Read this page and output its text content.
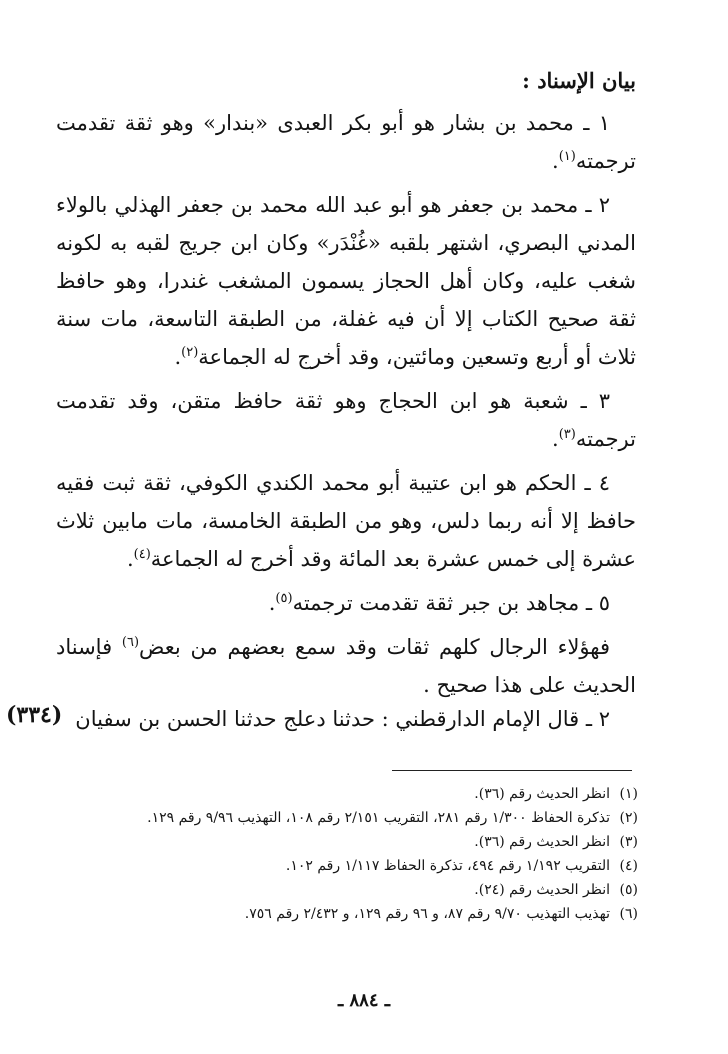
بيان الإسناد :

١ ـ محمد بن بشار هو أبو بكر العبدى «بندار» وهو ثقة تقدمت ترجمته$^{(١)}$.

٢ ـ محمد بن جعفر هو أبو عبد الله محمد بن جعفر الهذلي بالولاء المدني البصري، اشتهر بلقبه «غُنْدَر» وكان ابن جريج لقبه به لكونه شغب عليه، وكان أهل الحجاز يسمون المشغب غندرا، وهو حافظ ثقة صحيح الكتاب إلا أن فيه غفلة، من الطبقة التاسعة، مات سنة ثلاث أو أربع وتسعين ومائتين، وقد أخرج له الجماعة$^{(٢)}$.

٣ ـ شعبة هو ابن الحجاج وهو ثقة حافظ متقن، وقد تقدمت ترجمته$^{(٣)}$.

٤ ـ الحكم هو ابن عتيبة أبو محمد الكندي الكوفي، ثقة ثبت فقيه حافظ إلا أنه ربما دلس، وهو من الطبقة الخامسة، مات مابين ثلاث عشرة إلى خمس عشرة بعد المائة وقد أخرج له الجماعة$^{(٤)}$.

٥ ـ مجاهد بن جبر ثقة تقدمت ترجمته$^{(٥)}$.

فهؤلاء الرجال كلهم ثقات وقد سمع بعضهم من بعض$^{(٦)}$ فإسناد الحديث على هذا صحيح .

(٣٣٤) ٢ ـ قال الإمام الدارقطني : حدثنا دعلج حدثنا الحسن بن سفيان
(١)
انظر الحديث رقم (٣٦).
(٢)
تذكرة الحفاظ ١/٣٠٠ رقم ٢٨١، التقريب ٢/١٥١ رقم ١٠٨، التهذيب ٩/٩٦ رقم ١٢٩.
(٣)
انظر الحديث رقم (٣٦).
(٤)
التقريب ١/١٩٢ رقم ٤٩٤، تذكرة الحفاظ ١/١١٧ رقم ١٠٢.
(٥)
انظر الحديث رقم (٢٤).
(٦)
تهذيب التهذيب ٩/٧٠ رقم ٨٧، و ٩٦ رقم ١٢٩، و ٢/٤٣٢ رقم ٧٥٦.
ـ ٨٨٤ ـ
